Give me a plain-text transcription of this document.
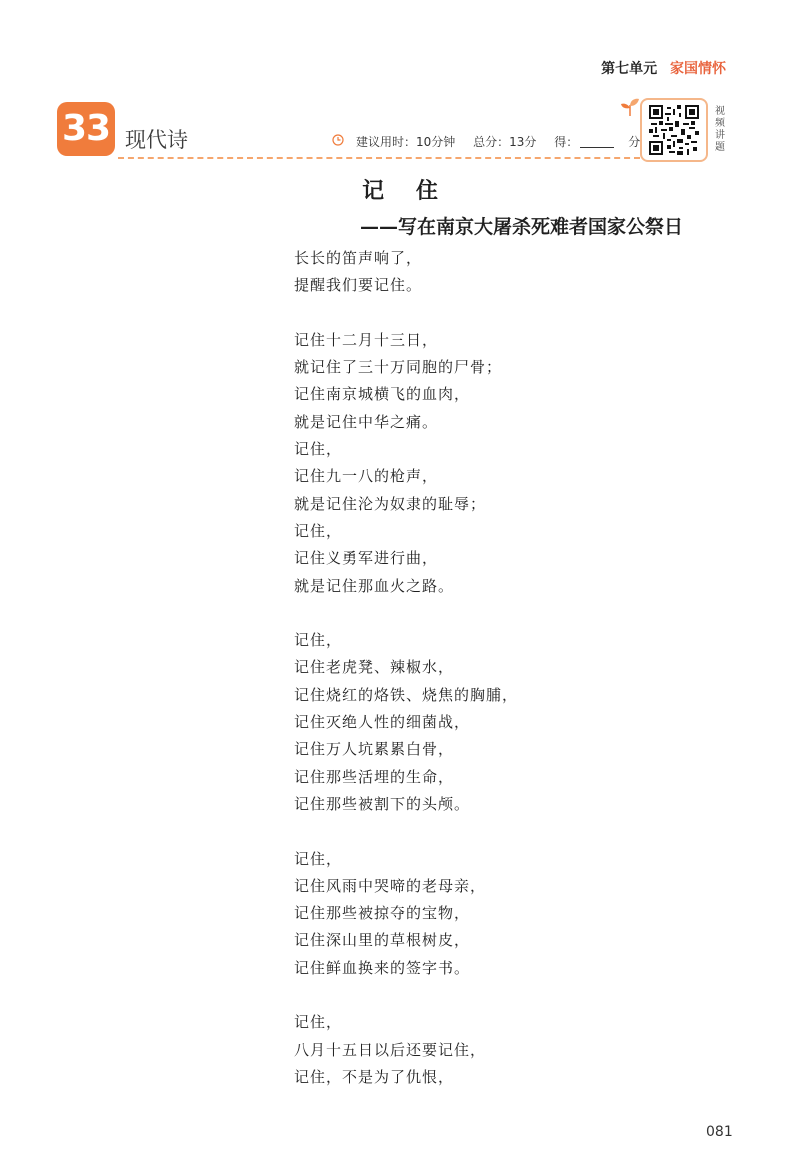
第七单元 家国情怀
33 现代诗	建议用时：10分钟 总分：13分 得：	分
视频讲题
记 住
——写在南京大屠杀死难者国家公祭日
长长的笛声响了，
提醒我们要记住。
记住十二月十三日，
就记住了三十万同胞的尸骨；
记住南京城横飞的血肉，
就是记住中华之痛。
记住，
记住九一八的枪声，
就是记住沦为奴隶的耻辱；
记住，
记住义勇军进行曲，
就是记住那血火之路。
记住，
记住老虎凳、辣椒水，
记住烧红的烙铁、烧焦的胸脯，
记住灭绝人性的细菌战，
记住万人坑累累白骨，
记住那些活埋的生命，
记住那些被割下的头颅。
记住，
记住风雨中哭啼的老母亲，
记住那些被掠夺的宝物，
记住深山里的草根树皮，
记住鲜血换来的签字书。
记住，
八月十五日以后还要记住，
记住，不是为了仇恨，
081
